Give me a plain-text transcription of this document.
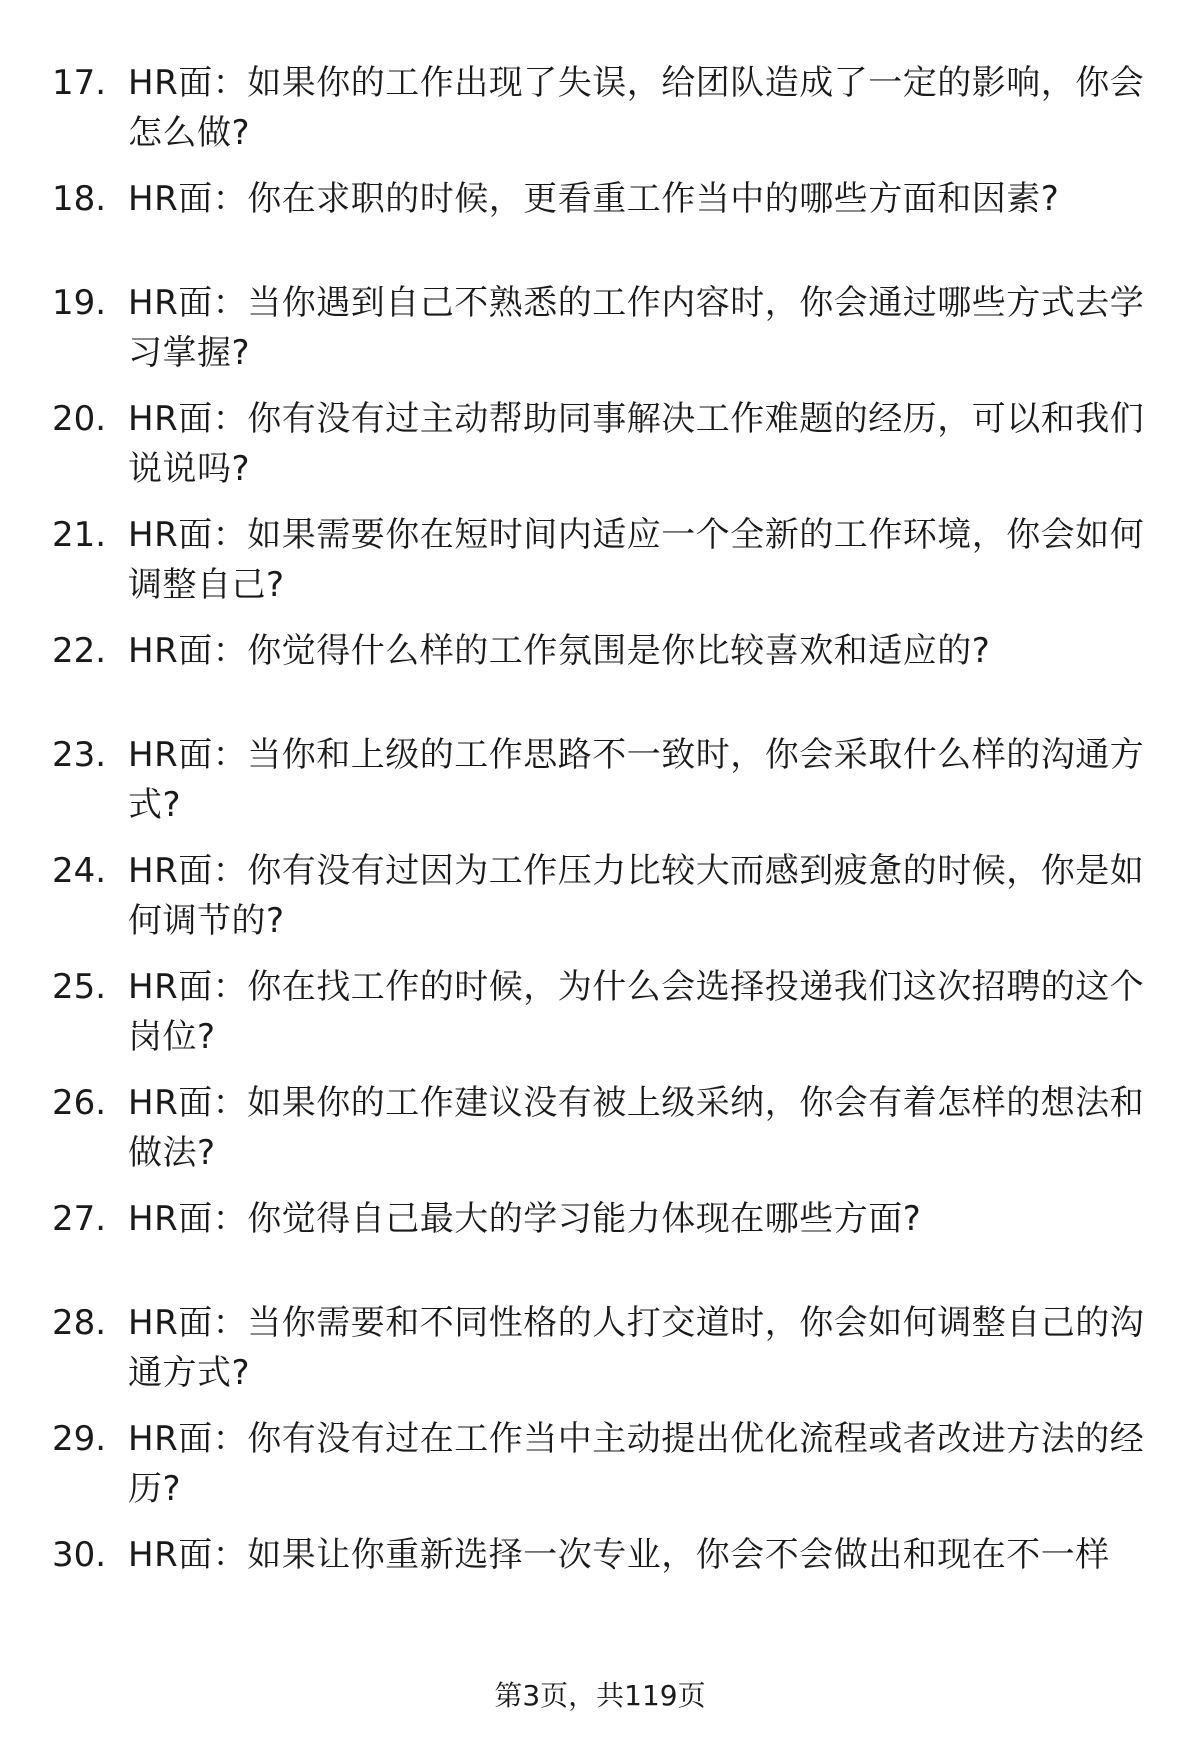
17. HR面：如果你的工作出现了失误，给团队造成了一定的影响，你会怎么做?
18. HR面：你在求职的时候，更看重工作当中的哪些方面和因素?
19. HR面：当你遇到自己不熟悉的工作内容时，你会通过哪些方式去学习掌握?
20. HR面：你有没有过主动帮助同事解决工作难题的经历，可以和我们说说吗?
21. HR面：如果需要你在短时间内适应一个全新的工作环境，你会如何调整自己?
22. HR面：你觉得什么样的工作氛围是你比较喜欢和适应的?
23. HR面：当你和上级的工作思路不一致时，你会采取什么样的沟通方式?
24. HR面：你有没有过因为工作压力比较大而感到疲惫的时候，你是如何调节的?
25. HR面：你在找工作的时候，为什么会选择投递我们这次招聘的这个岗位?
26. HR面：如果你的工作建议没有被上级采纳，你会有着怎样的想法和做法?
27. HR面：你觉得自己最大的学习能力体现在哪些方面?
28. HR面：当你需要和不同性格的人打交道时，你会如何调整自己的沟通方式?
29. HR面：你有没有过在工作当中主动提出优化流程或者改进方法的经历?
30. HR面：如果让你重新选择一次专业，你会不会做出和现在不一样
第3页，共119页
